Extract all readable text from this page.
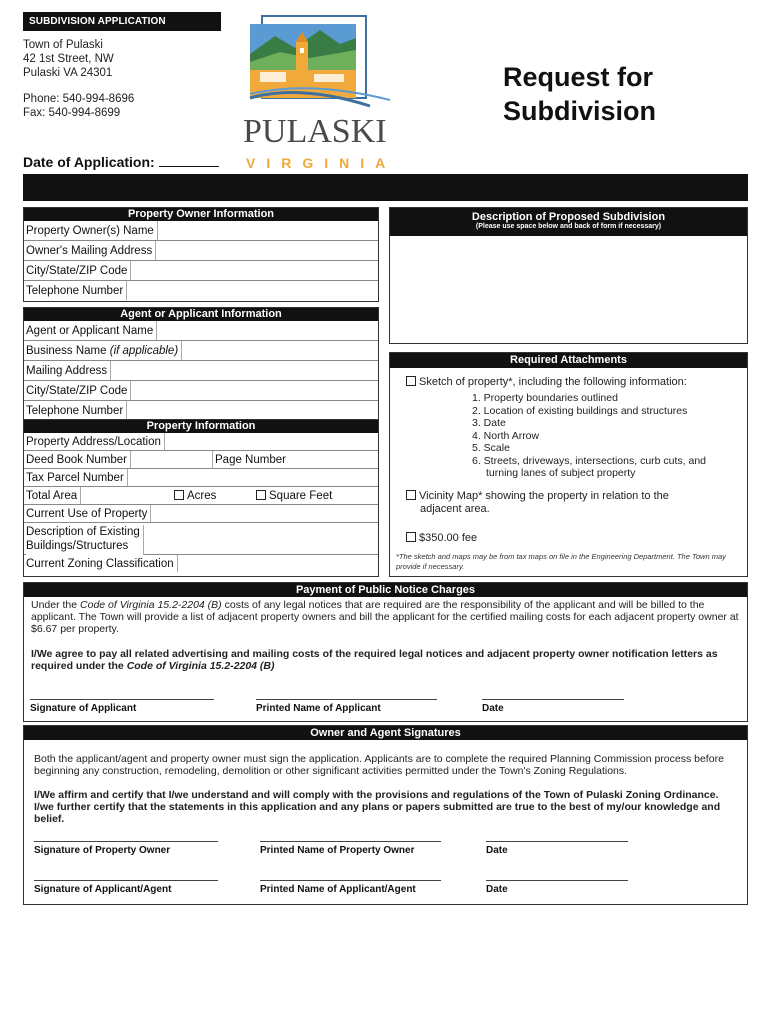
SUBDIVISION APPLICATION
Town of Pulaski
42 1st Street, NW
Pulaski VA 24301
Phone: 540-994-8696
Fax: 540-994-8699
Date of Application:
PULASKI
VIRGINIA
Request for
Subdivision
Property Owner Information
Property Owner(s) Name
Owner's Mailing Address
City/State/ZIP Code
Telephone Number
Agent or Applicant Information
Agent or Applicant Name
Business Name (if applicable)
Mailing Address
City/State/ZIP Code
Telephone Number
Property Information
Property Address/Location
Deed Book Number	Page Number
Tax Parcel Number
Total Area	Acres	Square Feet
Current Use of Property
Description of Existing
Buildings/Structures
Current Zoning Classification
Description of Proposed Subdivision
(Please use space below and back of form if necessary)
Required Attachments
Sketch of property*, including the following information:
1. Property boundaries outlined
2. Location of existing buildings and structures
3. Date
4. North Arrow
5. Scale
6. Streets, driveways, intersections, curb cuts, and
turning lanes of subject property
Vicinity Map* showing the property in relation to the
adjacent area.
$350.00 fee
*The sketch and maps may be from tax maps on file in the Engineering Department. The Town may provide if necessary.
Payment of Public Notice Charges
Under the Code of Virginia 15.2-2204 (B) costs of any legal notices that are required are the responsibility of the applicant and will be billed to the applicant. The Town will provide a list of adjacent property owners and bill the applicant for the certified mailing costs for each adjacent property owner at $6.67 per property.
I/We agree to pay all related advertising and mailing costs of the required legal notices and adjacent property owner notification letters as required under the Code of Virginia 15.2-2204 (B)
Signature of Applicant	Printed Name of Applicant	Date
Owner and Agent Signatures
Both the applicant/agent and property owner must sign the application. Applicants are to complete the required Planning Commission process before beginning any construction, remodeling, demolition or other significant activities permitted under the Town's Zoning Regulations.
I/We affirm and certify that I/we understand and will comply with the provisions and regulations of the Town of Pulaski Zoning Ordinance. I/we further certify that the statements in this application and any plans or papers submitted are true to the best of my/our knowledge and belief.
Signature of Property Owner	Printed Name of Property Owner	Date
Signature of Applicant/Agent	Printed Name of Applicant/Agent	Date
